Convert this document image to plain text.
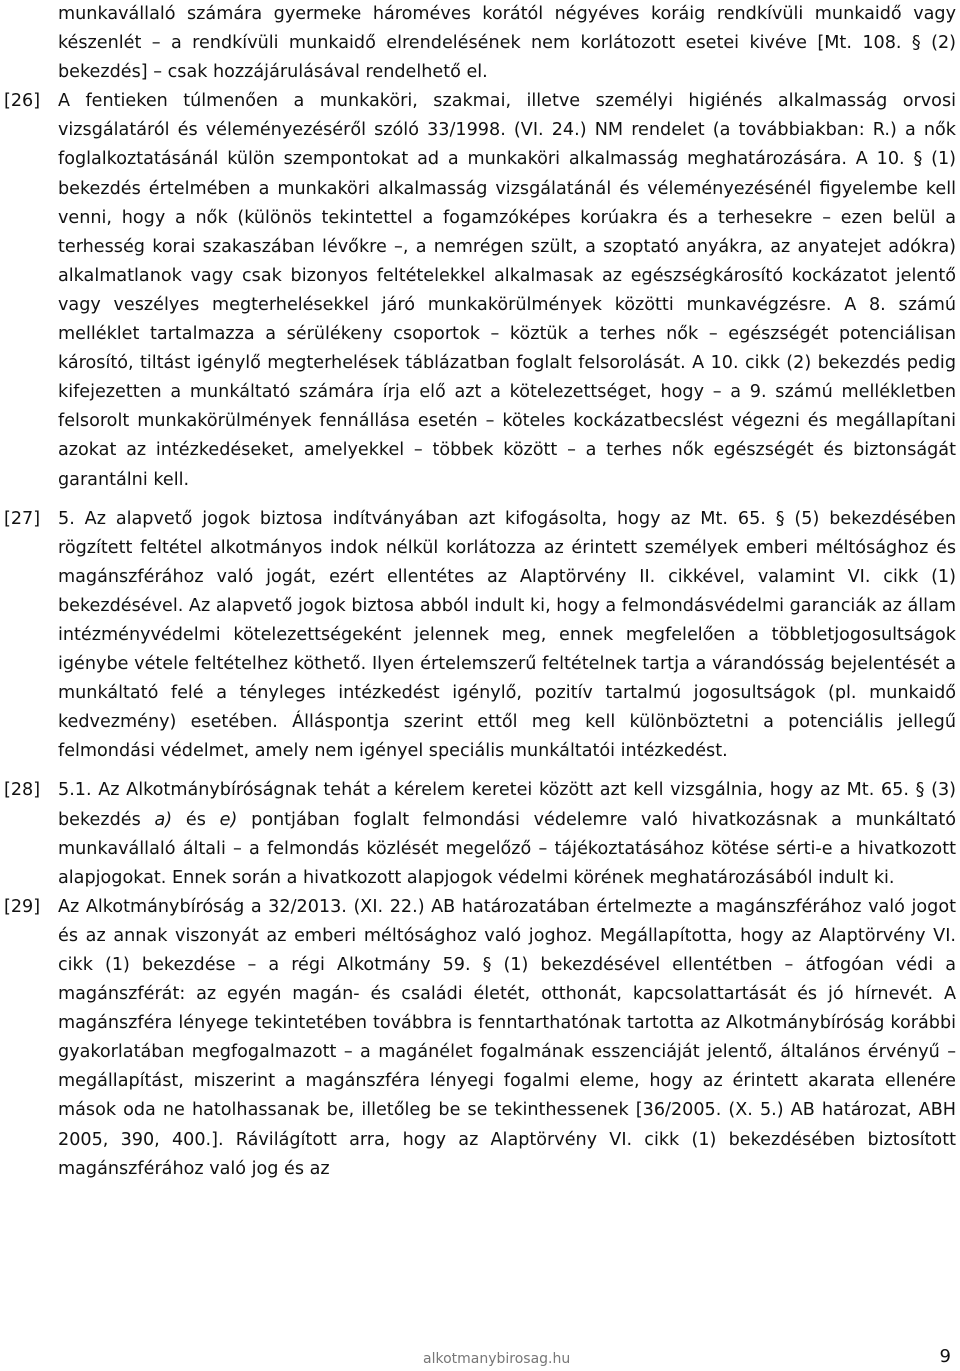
munkavállaló számára gyermeke hároméves korától négyéves koráig rendkívüli munkaidő vagy készenlét – a rendkívüli munkaidő elrendelésének nem korlátozott esetei kivéve [Mt. 108. § (2) bekezdés] – csak hozzájárulásával rendelhető el.

[26]	A fentieken túlmenően a munkaköri, szakmai, illetve személyi higiénés alkalmasság orvosi vizsgálatáról és véleményezéséről szóló 33/1998. (VI. 24.) NM rendelet (a továbbiakban: R.) a nők foglalkoztatásánál külön szempontokat ad a munkaköri alkalmasság meghatározására. A 10. § (1) bekezdés értelmében a munkaköri alkalmasság vizsgálatánál és véleményezésénél figyelembe kell venni, hogy a nők (különös tekintettel a fogamzóképes korúakra és a terhesekre – ezen belül a terhesség korai szakaszában lévőkre –, a nemrégen szült, a szoptató anyákra, az anyatejet adókra) alkalmatlanok vagy csak bizonyos feltételekkel alkalmasak az egészségkárosító kockázatot jelentő vagy veszélyes megterhelésekkel járó munkakörülmények közötti munkavégzésre. A 8. számú melléklet tartalmazza a sérülékeny csoportok – köztük a terhes nők – egészségét potenciálisan károsító, tiltást igénylő megterhelések táblázatban foglalt felsorolását. A 10. cikk (2) bekezdés pedig kifejezetten a munkáltató számára írja elő azt a kötelezettséget, hogy – a 9. számú mellékletben felsorolt munkakörülmények fennállása esetén – köteles kockázatbecslést végezni és megállapítani azokat az intézkedéseket, amelyekkel – többek között – a terhes nők egészségét és biztonságát garantálni kell.

[27]	5. Az alapvető jogok biztosa indítványában azt kifogásolta, hogy az Mt. 65. § (5) bekezdésében rögzített feltétel alkotmányos indok nélkül korlátozza az érintett személyek emberi méltósághoz és magánszférához való jogát, ezért ellentétes az Alaptörvény II. cikkével, valamint VI. cikk (1) bekezdésével. Az alapvető jogok biztosa abból indult ki, hogy a felmondásvédelmi garanciák az állam intézményvédelmi kötelezettségeként jelennek meg, ennek megfelelően a többletjogosultságok igénybe vétele feltételhez köthető. Ilyen értelemszerű feltételnek tartja a várandósság bejelentését a munkáltató felé a tényleges intézkedést igénylő, pozitív tartalmú jogosultságok (pl. munkaidő kedvezmény) esetében. Álláspontja szerint ettől meg kell különböztetni a potenciális jellegű felmondási védelmet, amely nem igényel speciális munkáltatói intézkedést.

[28]	5.1. Az Alkotmánybíróságnak tehát a kérelem keretei között azt kell vizsgálnia, hogy az Mt. 65. § (3) bekezdés a) és e) pontjában foglalt felmondási védelemre való hivatkozásnak a munkáltató munkavállaló általi – a felmondás közlését megelőző – tájékoztatásához kötése sérti-e a hivatkozott alapjogokat. Ennek során a hivatkozott alapjogok védelmi körének meghatározásából indult ki.

[29]	Az Alkotmánybíróság a 32/2013. (XI. 22.) AB határozatában értelmezte a magánszférához való jogot és az annak viszonyát az emberi méltósághoz való joghoz. Megállapította, hogy az Alaptörvény VI. cikk (1) bekezdése – a régi Alkotmány 59. § (1) bekezdésével ellentétben – átfogóan védi a magánszférát: az egyén magán- és családi életét, otthonát, kapcsolattartását és jó hírnevét. A magánszféra lényege tekintetében továbbra is fenntarthatónak tartotta az Alkotmánybíróság korábbi gyakorlatában megfogalmazott – a magánélet fogalmának esszenciáját jelentő, általános érvényű – megállapítást, miszerint a magánszféra lényegi fogalmi eleme, hogy az érintett akarata ellenére mások oda ne hatolhassanak be, illetőleg be se tekinthessenek [36/2005. (X. 5.) AB határozat, ABH 2005, 390, 400.]. Rávilágított arra, hogy az Alaptörvény VI. cikk (1) bekezdésében biztosított magánszférához való jog és az

alkotmanybirosag.hu	9
